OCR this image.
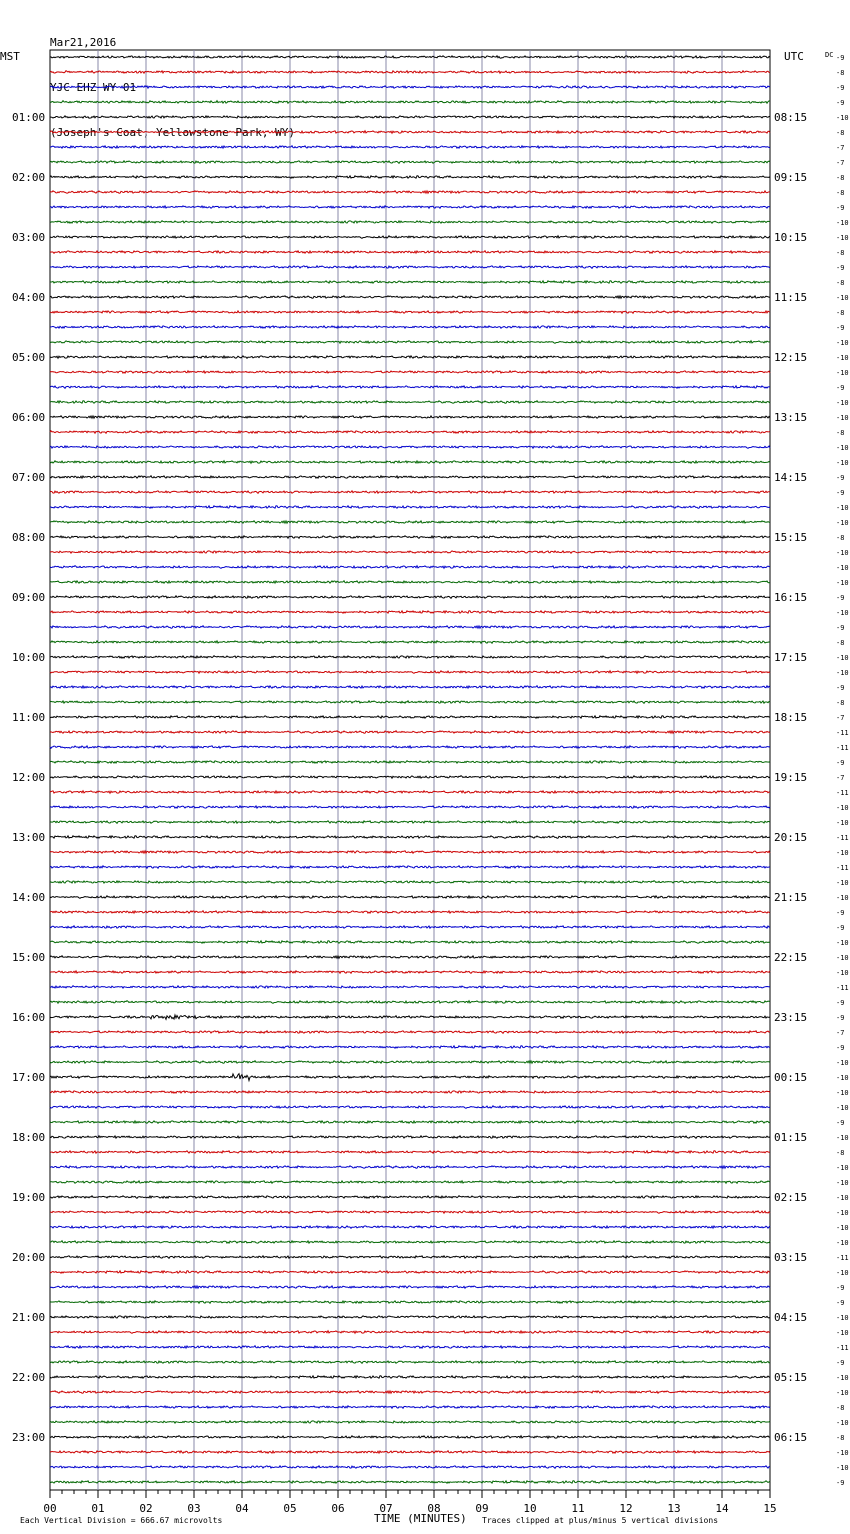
Mar21,2016

YJC EHZ WY 01

(Joseph's Coat, Yellowstone Park, WY)

MST	UTC	DC -9
-8
-9
-9
-10
01:00	08:15
-8
-7
-7
-8
02:00	09:15
-8
-9
-10
-10
03:00	10:15
-8
-9
-8
-10
04:00	11:15
-8
-9
-10
-10
05:00	12:15
-10
-9
-10
-10
06:00	13:15
-8
-10
-10
-9
07:00	14:15
-9
-10
-10
-8
08:00	15:15
-10
-10
-10
-9
09:00	16:15
-10
-9
-8
-10
10:00	17:15
-10
-9
-8
-7
11:00	18:15
-11
-11
-9
-7
12:00	19:15
-11
-10
-10
-11
13:00	20:15
-10
-11
-10
-10
14:00	21:15
-9
-9
-10
-10
15:00	22:15
-10
-11
-9
-9
16:00	23:15
-7
-9
-10
-10
17:00	00:15
-10
-10
-9
-10
18:00	01:15
-8
-10
-10
-10
19:00	02:15
-10
-10
-10
-11
20:00	03:15
-10
-9
-9
-10
21:00	04:15
-10
-11
-9
-10
22:00	05:15
-10
-8
-10
-8
23:00	06:15
-10
-10
-9
00	01	02	03	04	05	06	07	08	09	10	11	12	13	14	15
Each Vertical Division = 666.67 microvolts	TIME (MINUTES) Traces clipped at plus/minus 5 vertical divisions
